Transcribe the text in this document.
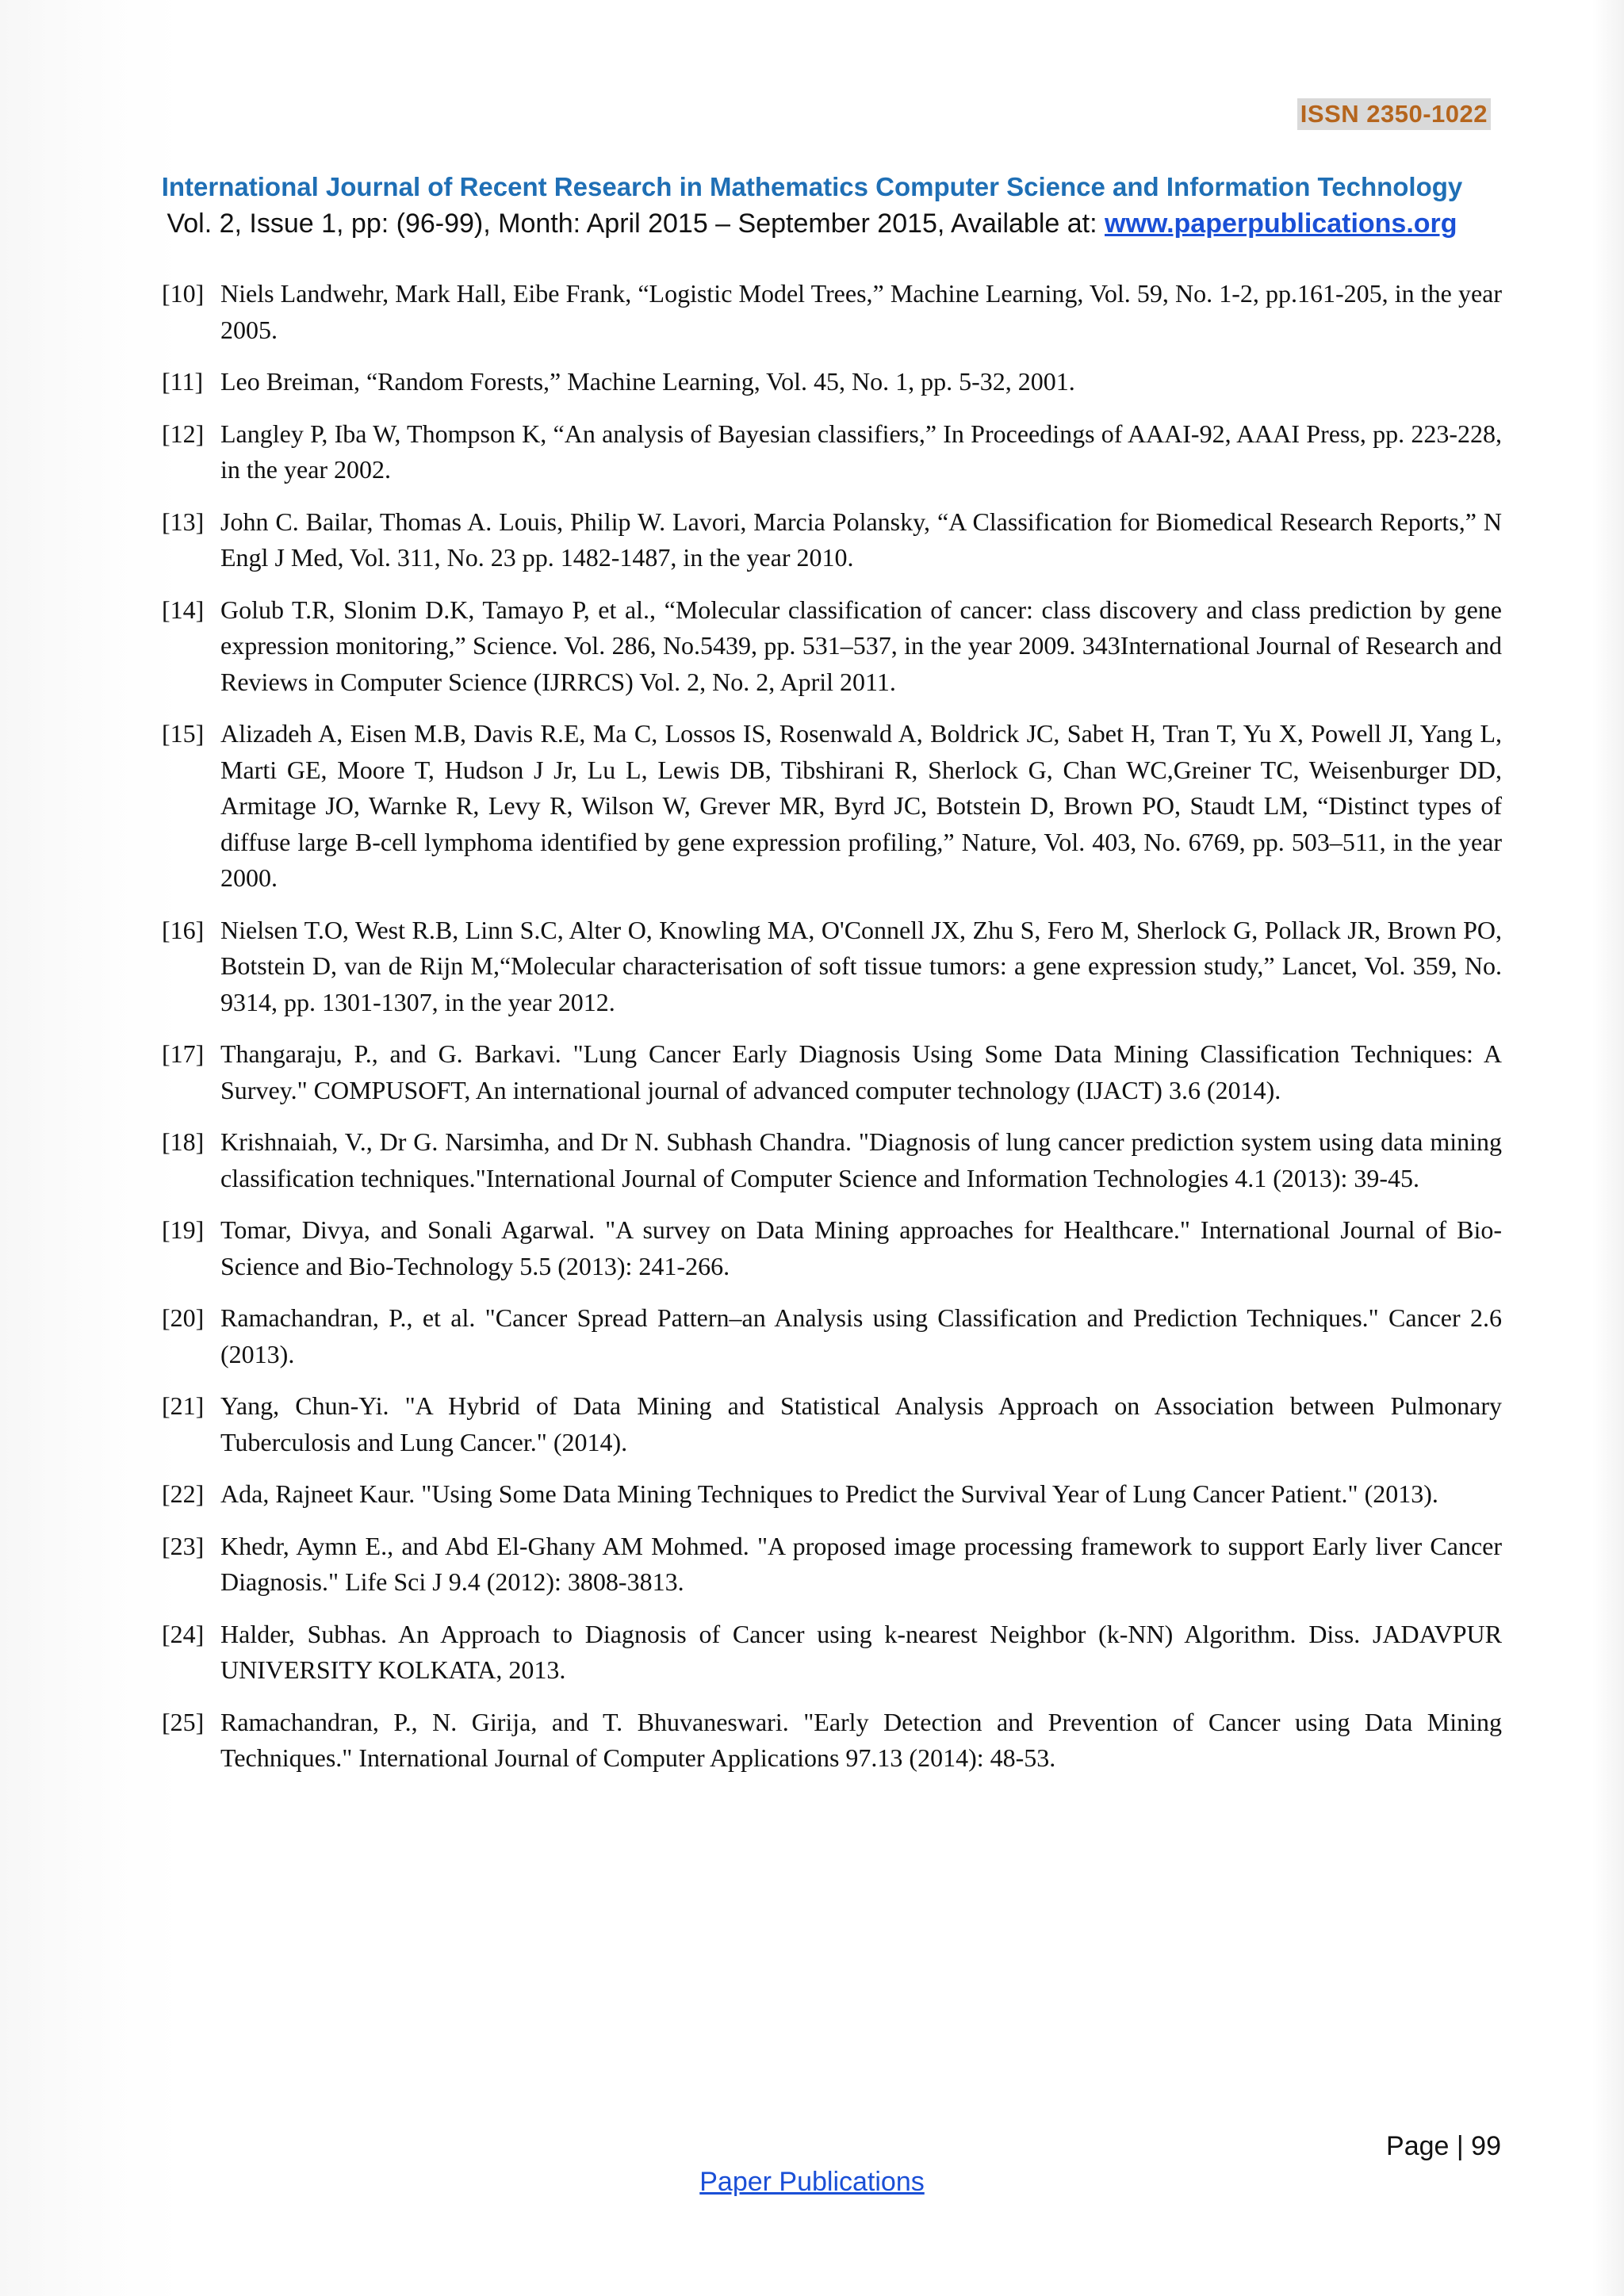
ISSN 2350-1022
International Journal of Recent Research in Mathematics Computer Science and Information Technology
Vol. 2, Issue 1, pp: (96-99), Month: April 2015 – September 2015, Available at: www.paperpublications.org
[10] Niels Landwehr, Mark Hall, Eibe Frank, “Logistic Model Trees,” Machine Learning, Vol. 59, No. 1-2, pp.161-205, in the year 2005.
[11] Leo Breiman, “Random Forests,” Machine Learning, Vol. 45, No. 1, pp. 5-32, 2001.
[12] Langley P, Iba W, Thompson K, “An analysis of Bayesian classifiers,” In Proceedings of AAAI-92, AAAI Press, pp. 223-228, in the year 2002.
[13] John C. Bailar, Thomas A. Louis, Philip W. Lavori, Marcia Polansky, “A Classification for Biomedical Research Reports,” N Engl J Med, Vol. 311, No. 23 pp. 1482-1487, in the year 2010.
[14] Golub T.R, Slonim D.K, Tamayo P, et al., “Molecular classification of cancer: class discovery and class prediction by gene expression monitoring,” Science. Vol. 286, No.5439, pp. 531–537, in the year 2009. 343International Journal of Research and Reviews in Computer Science (IJRRCS) Vol. 2, No. 2, April 2011.
[15] Alizadeh A, Eisen M.B, Davis R.E, Ma C, Lossos IS, Rosenwald A, Boldrick JC, Sabet H, Tran T, Yu X, Powell JI, Yang L, Marti GE, Moore T, Hudson J Jr, Lu L, Lewis DB, Tibshirani R, Sherlock G, Chan WC,Greiner TC, Weisenburger DD, Armitage JO, Warnke R, Levy R, Wilson W, Grever MR, Byrd JC, Botstein D, Brown PO, Staudt LM, “Distinct types of diffuse large B-cell lymphoma identified by gene expression profiling,” Nature, Vol. 403, No. 6769, pp. 503–511, in the year 2000.
[16] Nielsen T.O, West R.B, Linn S.C, Alter O, Knowling MA, O'Connell JX, Zhu S, Fero M, Sherlock G, Pollack JR, Brown PO, Botstein D, van de Rijn M,“Molecular characterisation of soft tissue tumors: a gene expression study,” Lancet, Vol. 359, No. 9314, pp. 1301-1307, in the year 2012.
[17] Thangaraju, P., and G. Barkavi. "Lung Cancer Early Diagnosis Using Some Data Mining Classification Techniques: A Survey." COMPUSOFT, An international journal of advanced computer technology (IJACT) 3.6 (2014).
[18] Krishnaiah, V., Dr G. Narsimha, and Dr N. Subhash Chandra. "Diagnosis of lung cancer prediction system using data mining classification techniques."International Journal of Computer Science and Information Technologies 4.1 (2013): 39-45.
[19] Tomar, Divya, and Sonali Agarwal. "A survey on Data Mining approaches for Healthcare." International Journal of Bio-Science and Bio-Technology 5.5 (2013): 241-266.
[20] Ramachandran, P., et al. "Cancer Spread Pattern–an Analysis using Classification and Prediction Techniques." Cancer 2.6 (2013).
[21] Yang, Chun-Yi. "A Hybrid of Data Mining and Statistical Analysis Approach on Association between Pulmonary Tuberculosis and Lung Cancer." (2014).
[22] Ada, Rajneet Kaur. "Using Some Data Mining Techniques to Predict the Survival Year of Lung Cancer Patient." (2013).
[23] Khedr, Aymn E., and Abd El-Ghany AM Mohmed. "A proposed image processing framework to support Early liver Cancer Diagnosis." Life Sci J 9.4 (2012): 3808-3813.
[24] Halder, Subhas. An Approach to Diagnosis of Cancer using k-nearest Neighbor (k-NN) Algorithm. Diss. JADAVPUR UNIVERSITY KOLKATA, 2013.
[25] Ramachandran, P., N. Girija, and T. Bhuvaneswari. "Early Detection and Prevention of Cancer using Data Mining Techniques." International Journal of Computer Applications 97.13 (2014): 48-53.
Page | 99
Paper Publications
